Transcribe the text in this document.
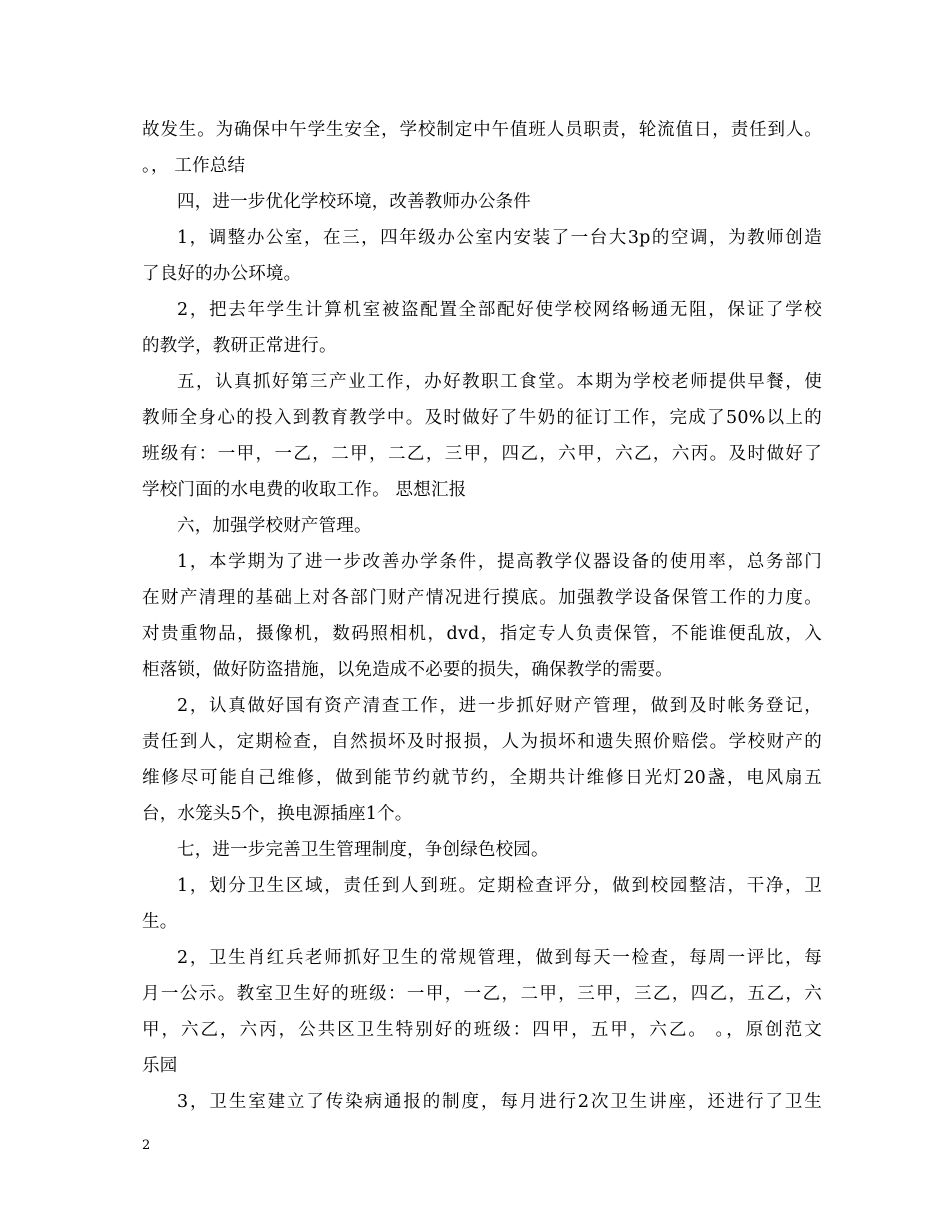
故发生。为确保中午学生安全，学校制定中午值班人员职责，轮流值日，责任到人。
。， 工作总结
四，进一步优化学校环境，改善教师办公条件
1，调整办公室，在三，四年级办公室内安装了一台大3p的空调，为教师创造
了良好的办公环境。
2，把去年学生计算机室被盗配置全部配好使学校网络畅通无阻，保证了学校
的教学，教研正常进行。
五，认真抓好第三产业工作，办好教职工食堂。本期为学校老师提供早餐，使
教师全身心的投入到教育教学中。及时做好了牛奶的征订工作，完成了50%以上的
班级有：一甲，一乙，二甲，二乙，三甲，四乙，六甲，六乙，六丙。及时做好了
学校门面的水电费的收取工作。 思想汇报
六，加强学校财产管理。
1，本学期为了进一步改善办学条件，提高教学仪器设备的使用率，总务部门
在财产清理的基础上对各部门财产情况进行摸底。加强教学设备保管工作的力度。
对贵重物品，摄像机，数码照相机，dvd，指定专人负责保管，不能谁便乱放，入
柜落锁，做好防盗措施，以免造成不必要的损失，确保教学的需要。
2，认真做好国有资产清查工作，进一步抓好财产管理，做到及时帐务登记，
责任到人，定期检查，自然损坏及时报损，人为损坏和遗失照价赔偿。学校财产的
维修尽可能自己维修，做到能节约就节约，全期共计维修日光灯20盏，电风扇五
台，水笼头5个，换电源插座1个。
七，进一步完善卫生管理制度，争创绿色校园。
1，划分卫生区域，责任到人到班。定期检查评分，做到校园整洁，干净，卫
生。
2，卫生肖红兵老师抓好卫生的常规管理，做到每天一检查，每周一评比，每
月一公示。教室卫生好的班级：一甲，一乙，二甲，三甲，三乙，四乙，五乙，六
甲，六乙，六丙，公共区卫生特别好的班级：四甲，五甲，六乙。 。，原创范文
乐园
3，卫生室建立了传染病通报的制度，每月进行2次卫生讲座，还进行了卫生
2
